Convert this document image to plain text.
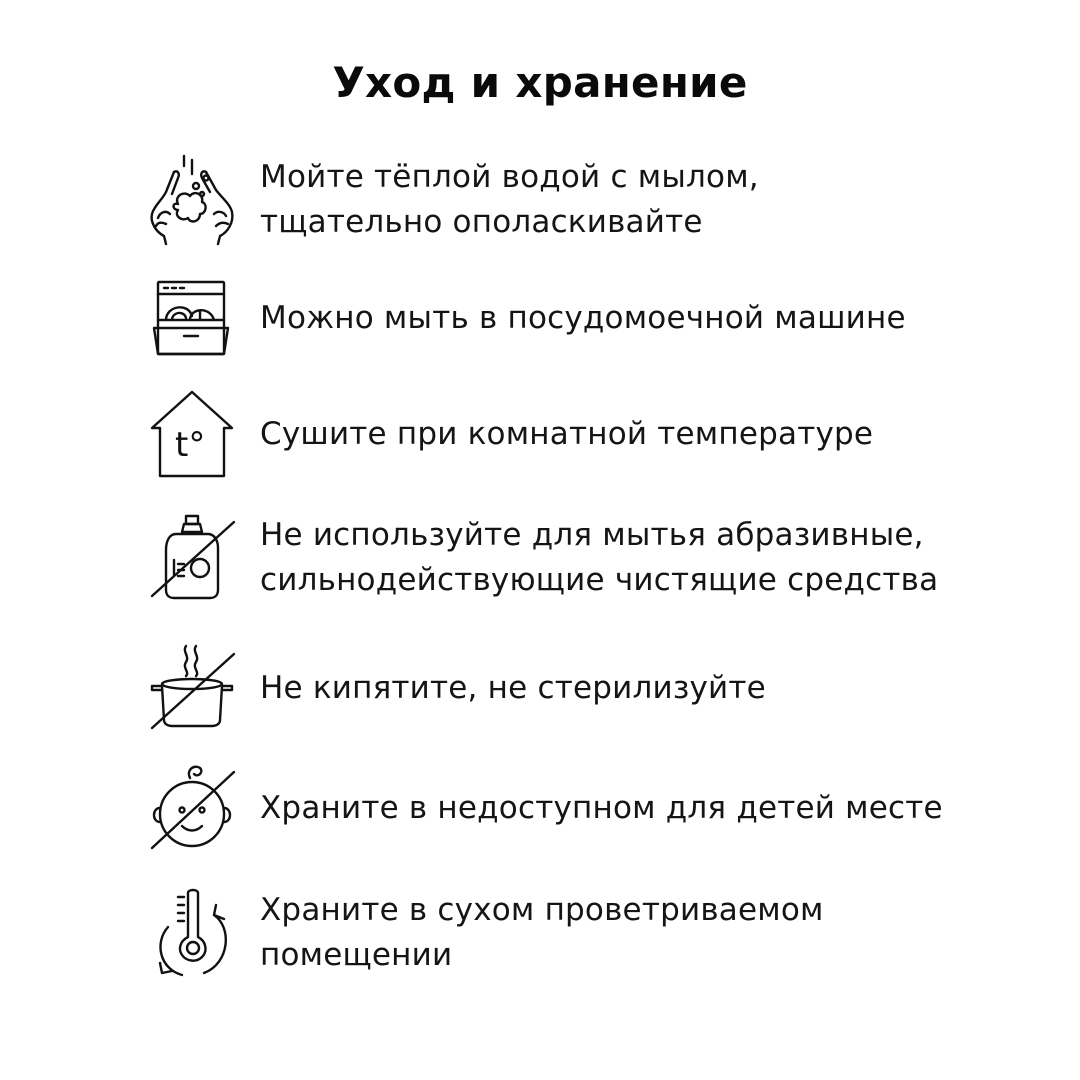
Уход и хранение
Мойте тёплой водой с мылом,
тщательно ополаскивайте
Можно мыть в посудомоечной машине
t° Сушите при комнатной температуре
Не используйте для мытья абразивные,
сильнодействующие чистящие средства
Не кипятите, не стерилизуйте
Храните в недоступном для детей месте
Храните в сухом проветриваемом
помещении
